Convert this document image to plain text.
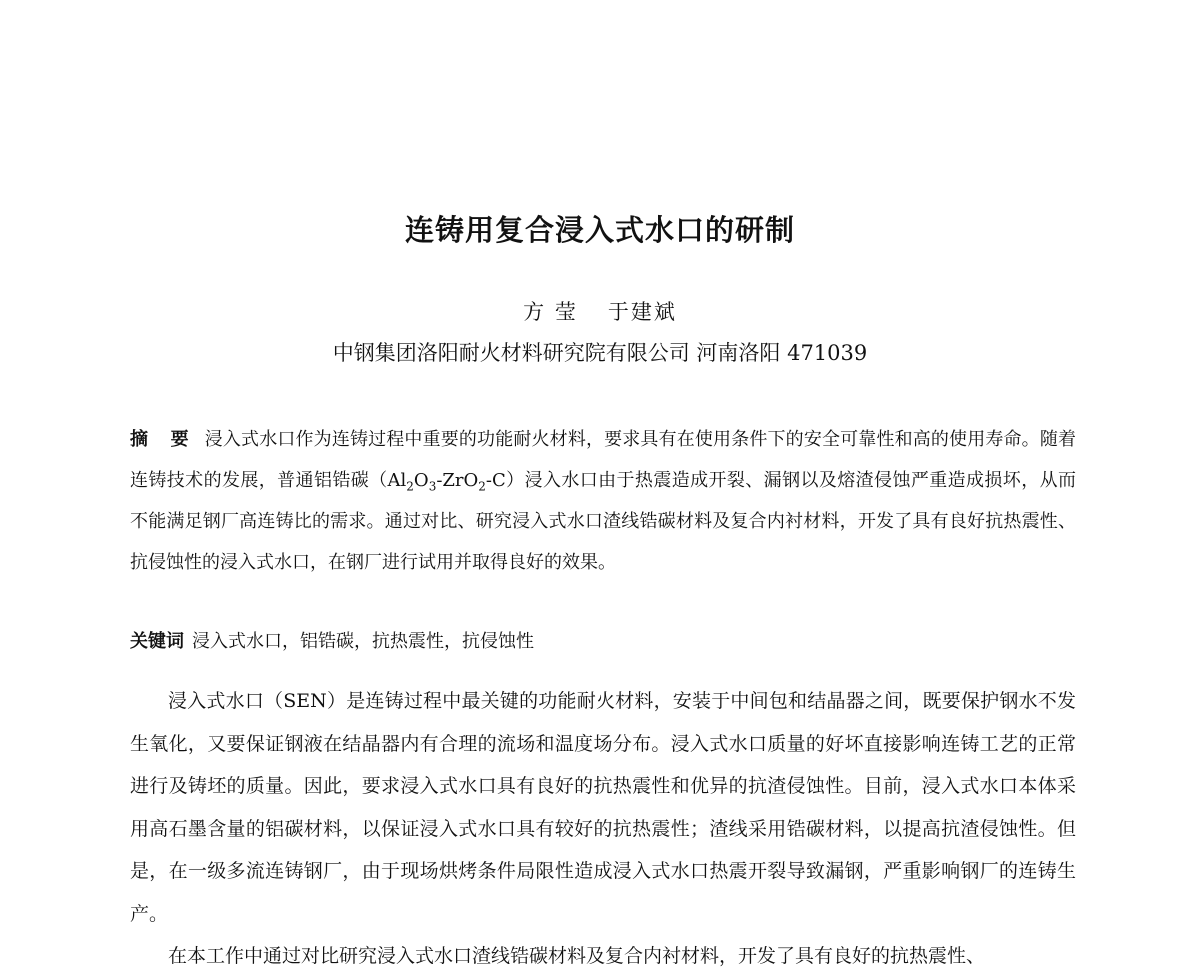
连铸用复合浸入式水口的研制
方 莹 于建斌
中钢集团洛阳耐火材料研究院有限公司 河南洛阳 471039
摘 要 浸入式水口作为连铸过程中重要的功能耐火材料，要求具有在使用条件下的安全可靠性和高的使用寿命。随着连铸技术的发展，普通铝锆碳$(Al_2O_3-ZrO_2-C)$浸入水口由于热震造成开裂、漏钢以及熔渣侵蚀严重造成损坏，从而不能满足钢厂高连铸比的需求。通过对比、研究浸入式水口渣线锆碳材料及复合内衬材料，开发了具有良好抗热震性、抗侵蚀性的浸入式水口，在钢厂进行试用并取得良好的效果。
关键词 浸入式水口，铝锆碳，抗热震性，抗侵蚀性

浸入式水口（SEN）是连铸过程中最关键的功能耐火材料，安装于中间包和结晶器之间，既要保护钢水不发生氧化，又要保证钢液在结晶器内有合理的流场和温度场分布。浸入式水口质量的好坏直接影响连铸工艺的正常进行及铸坯的质量。因此，要求浸入式水口具有良好的抗热震性和优异的抗渣侵蚀性。目前，浸入式水口本体采用高石墨含量的铝碳材料，以保证浸入式水口具有较好的抗热震性；渣线采用锆碳材料，以提高抗渣侵蚀性。但是，在一级多流连铸钢厂，由于现场烘烤条件局限性造成浸入式水口热震开裂导致漏钢，严重影响钢厂的连铸生产。

在本工作中通过对比研究浸入式水口渣线锆碳材料及复合内衬材料，开发了具有良好的抗热震性、
